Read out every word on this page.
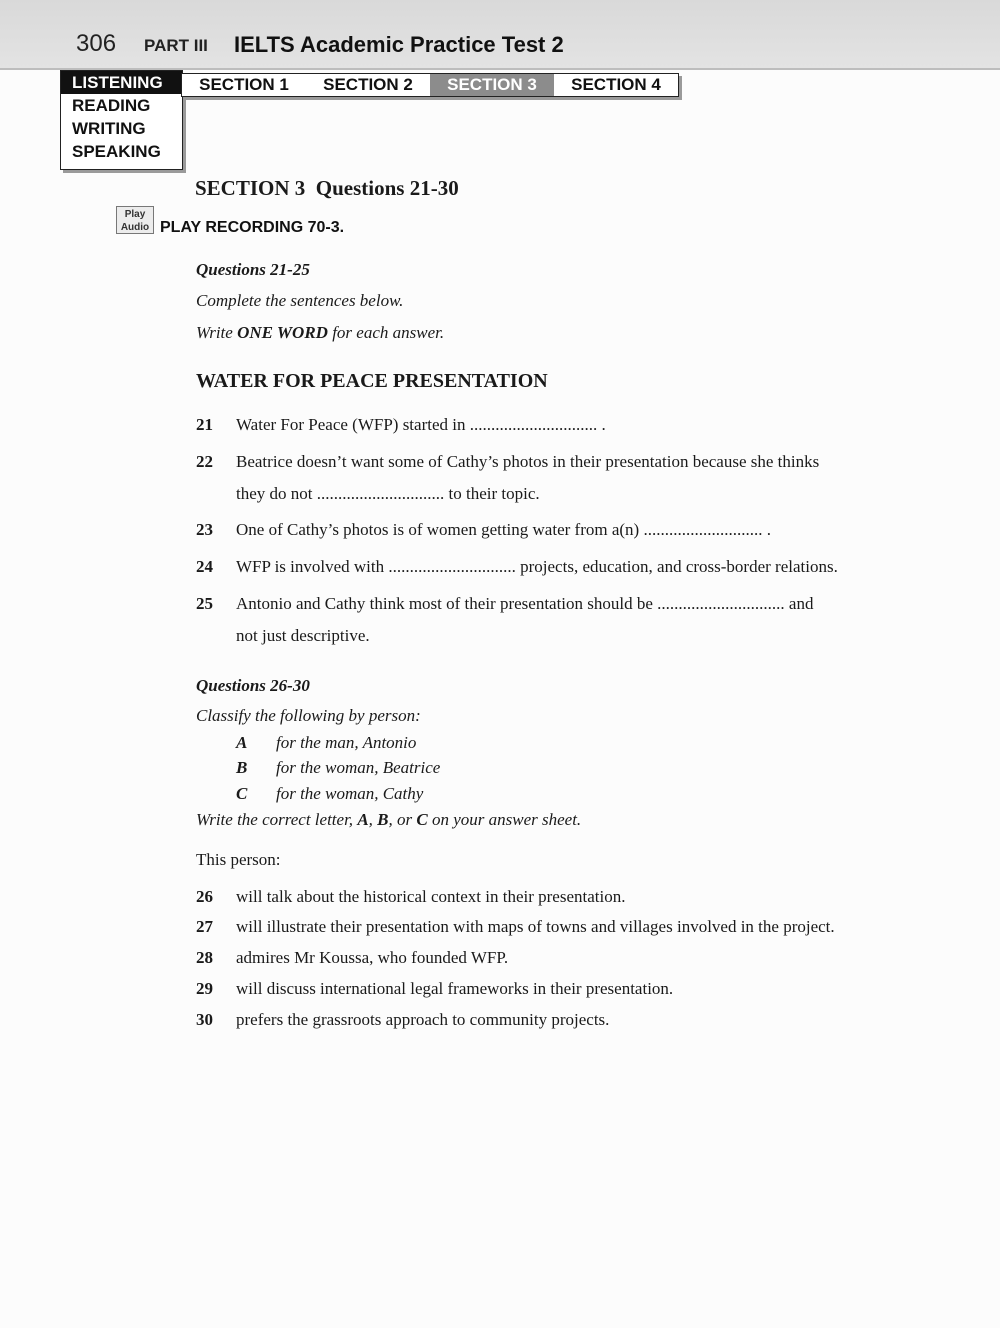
306 PART III IELTS Academic Practice Test 2
LISTENING
READING
WRITING
SPEAKING
SECTION 1	SECTION 2	SECTION 3	SECTION 4
SECTION 3  Questions 21-30
Play
Audio PLAY RECORDING 70-3.
Questions 21-25
Complete the sentences below.
Write ONE WORD for each answer.
WATER FOR PEACE PRESENTATION
21 Water For Peace (WFP) started in .............................. .
22 Beatrice doesn’t want some of Cathy’s photos in their presentation because she thinks
they do not .............................. to their topic.
23 One of Cathy’s photos is of women getting water from a(n) ............................ .
24 WFP is involved with .............................. projects, education, and cross-border relations.
25 Antonio and Cathy think most of their presentation should be .............................. and
not just descriptive.
Questions 26-30
Classify the following by person:
A for the man, Antonio
B for the woman, Beatrice
C for the woman, Cathy
Write the correct letter, A, B, or C on your answer sheet.
This person:
26 will talk about the historical context in their presentation.
27 will illustrate their presentation with maps of towns and villages involved in the project.
28 admires Mr Koussa, who founded WFP.
29 will discuss international legal frameworks in their presentation.
30 prefers the grassroots approach to community projects.
